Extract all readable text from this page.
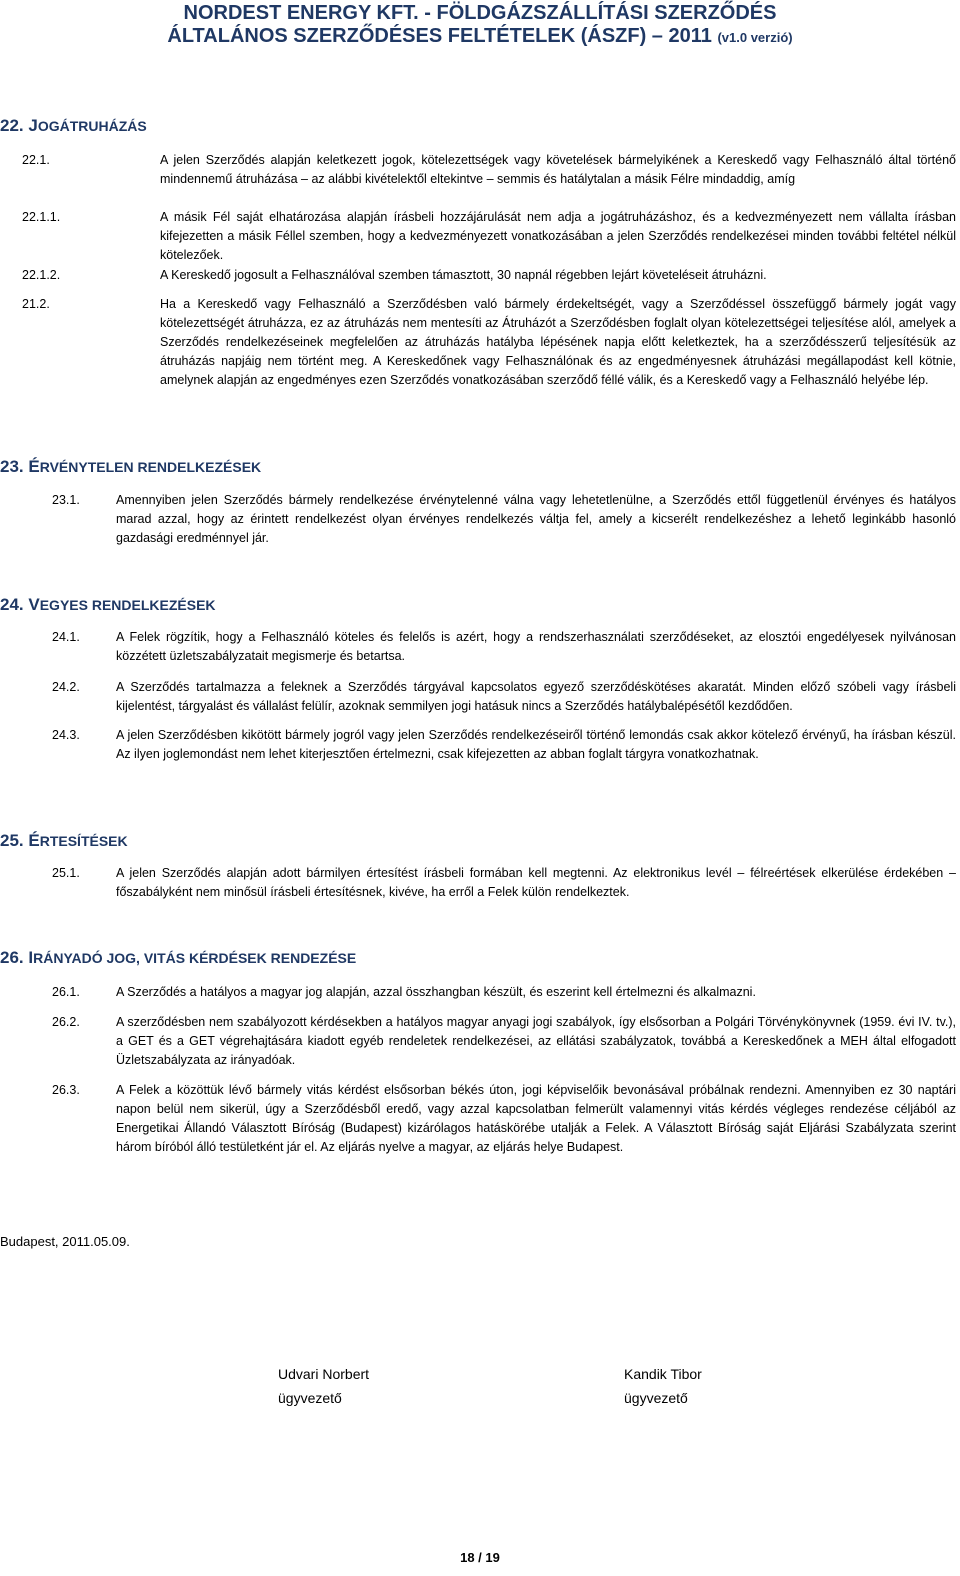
NORDEST ENERGY KFT. - FÖLDGÁZSZÁLLÍTÁSI SZERZŐDÉS
ÁLTALÁNOS SZERZŐDÉSES FELTÉTELEK (ÁSZF) – 2011 (v1.0 verzió)
22. JOGÁTRUHÁZÁS
22.1.	A jelen Szerződés alapján keletkezett jogok, kötelezettségek vagy követelések bármelyikének a Kereskedő vagy Felhasználó által történő mindennemű átruházása – az alábbi kivételektől eltekintve – semmis és hatálytalan a másik Félre mindaddig, amíg
22.1.1.	A másik Fél saját elhatározása alapján írásbeli hozzájárulását nem adja a jogátruházáshoz, és a kedvezményezett nem vállalta írásban kifejezetten a másik Féllel szemben, hogy a kedvezményezett vonatkozásában a jelen Szerződés rendelkezései minden további feltétel nélkül kötelezőek.
22.1.2.	A Kereskedő jogosult a Felhasználóval szemben támasztott, 30 napnál régebben lejárt követeléseit átruházni.
21.2.	Ha a Kereskedő vagy Felhasználó a Szerződésben való bármely érdekeltségét, vagy a Szerződéssel összefüggő bármely jogát vagy kötelezettségét átruházza, ez az átruházás nem mentesíti az Átruházót a Szerződésben foglalt olyan kötelezettségei teljesítése alól, amelyek a Szerződés rendelkezéseinek megfelelően az átruházás hatályba lépésének napja előtt keletkeztek, ha a szerződésszerű teljesítésük az átruházás napjáig nem történt meg. A Kereskedőnek vagy Felhasználónak és az engedményesnek átruházási megállapodást kell kötnie, amelynek alapján az engedményes ezen Szerződés vonatkozásában szerződő féllé válik, és a Kereskedő vagy a Felhasználó helyébe lép.
23. ÉRVÉNYTELEN RENDELKEZÉSEK
23.1.	Amennyiben jelen Szerződés bármely rendelkezése érvénytelenné válna vagy lehetetlenülne, a Szerződés ettől függetlenül érvényes és hatályos marad azzal, hogy az érintett rendelkezést olyan érvényes rendelkezés váltja fel, amely a kicserélt rendelkezéshez a lehető leginkább hasonló gazdasági eredménnyel jár.
24. VEGYES RENDELKEZÉSEK
24.1.	A Felek rögzítik, hogy a Felhasználó köteles és felelős is azért, hogy a rendszerhasználati szerződéseket, az elosztói engedélyesek nyilvánosan közzétett üzletszabályzatait megismerje és betartsa.
24.2.	A Szerződés tartalmazza a feleknek a Szerződés tárgyával kapcsolatos egyező szerződéskötéses akaratát. Minden előző szóbeli vagy írásbeli kijelentést, tárgyalást és vállalást felülír, azoknak semmilyen jogi hatásuk nincs a Szerződés hatálybalépésétől kezdődően.
24.3.	A jelen Szerződésben kikötött bármely jogról vagy jelen Szerződés rendelkezéseiről történő lemondás csak akkor kötelező érvényű, ha írásban készül. Az ilyen joglemondást nem lehet kiterjesztően értelmezni, csak kifejezetten az abban foglalt tárgyra vonatkozhatnak.
25. ÉRTESÍTÉSEK
25.1.	A jelen Szerződés alapján adott bármilyen értesítést írásbeli formában kell megtenni. Az elektronikus levél – félreértések elkerülése érdekében – főszabályként nem minősül írásbeli értesítésnek, kivéve, ha erről a Felek külön rendelkeztek.
26. IRÁNYADÓ JOG, VITÁS KÉRDÉSEK RENDEZÉSE
26.1.	A Szerződés a hatályos a magyar jog alapján, azzal összhangban készült, és eszerint kell értelmezni és alkalmazni.
26.2.	A szerződésben nem szabályozott kérdésekben a hatályos magyar anyagi jogi szabályok, így elsősorban a Polgári Törvénykönyvnek (1959. évi IV. tv.), a GET és a GET végrehajtására kiadott egyéb rendeletek rendelkezései, az ellátási szabályzatok, továbbá a Kereskedőnek a MEH által elfogadott Üzletszabályzata az irányadóak.
26.3.	A Felek a közöttük lévő bármely vitás kérdést elsősorban békés úton, jogi képviselőik bevonásával próbálnak rendezni. Amennyiben ez 30 naptári napon belül nem sikerül, úgy a Szerződésből eredő, vagy azzal kapcsolatban felmerült valamennyi vitás kérdés végleges rendezése céljából az Energetikai Állandó Választott Bíróság (Budapest) kizárólagos hatáskörébe utalják a Felek. A Választott Bíróság saját Eljárási Szabályzata szerint három bíróból álló testületként jár el. Az eljárás nyelve a magyar, az eljárás helye Budapest.
Budapest, 2011.05.09.
Udvari Norbert
ügyvezető
Kandik Tibor
ügyvezető
18 / 19
